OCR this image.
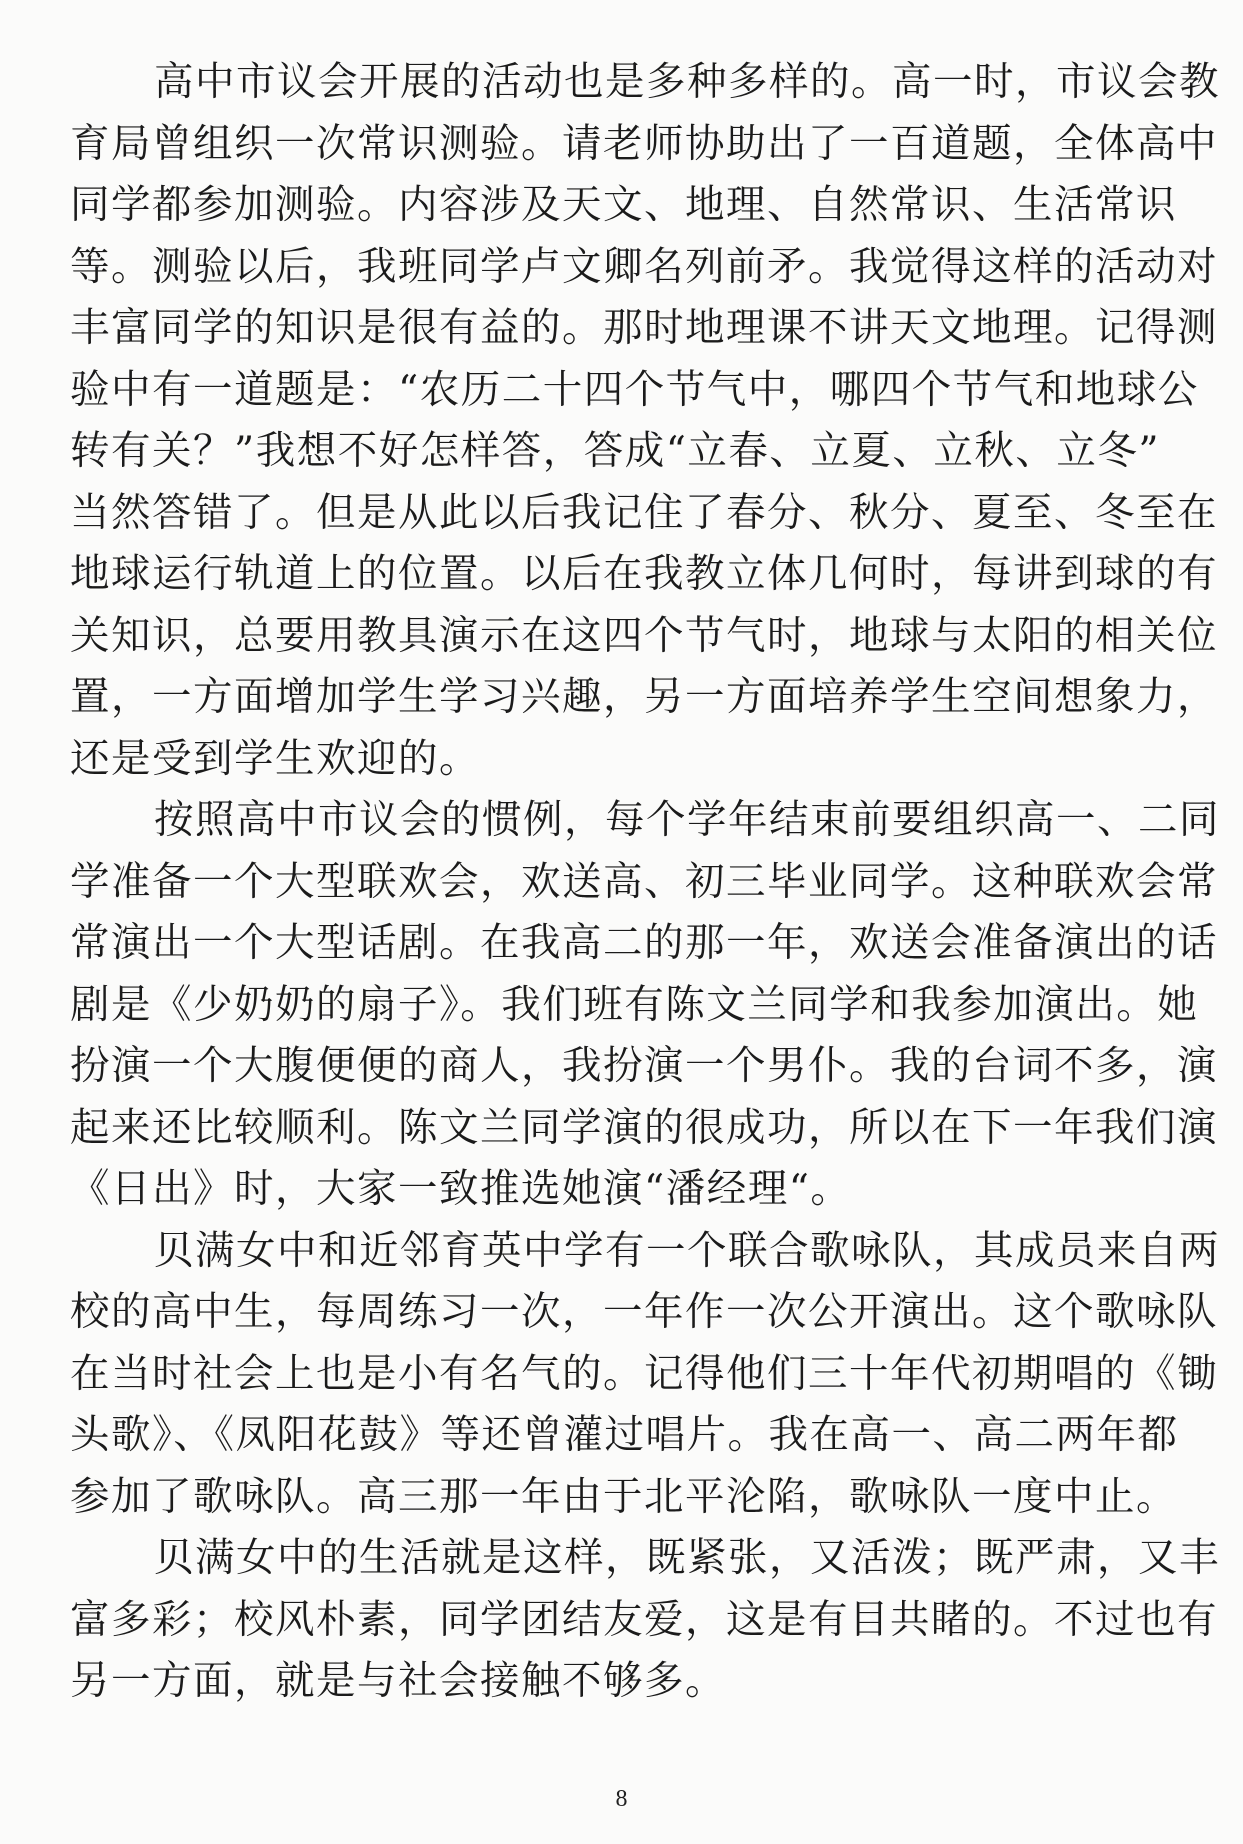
高中市议会开展的活动也是多种多样的。高一时，市议会教
育局曾组织一次常识测验。请老师协助出了一百道题，全体高中
同学都参加测验。内容涉及天文、地理、自然常识、生活常识
等。测验以后，我班同学卢文卿名列前矛。我觉得这样的活动对
丰富同学的知识是很有益的。那时地理课不讲天文地理。记得测
验中有一道题是：“农历二十四个节气中，哪四个节气和地球公
转有关？”我想不好怎样答，答成“立春、立夏、立秋、立冬”
当然答错了。但是从此以后我记住了春分、秋分、夏至、冬至在
地球运行轨道上的位置。以后在我教立体几何时，每讲到球的有
关知识，总要用教具演示在这四个节气时，地球与太阳的相关位
置，一方面增加学生学习兴趣，另一方面培养学生空间想象力，
还是受到学生欢迎的。
按照高中市议会的惯例，每个学年结束前要组织高一、二同
学准备一个大型联欢会，欢送高、初三毕业同学。这种联欢会常
常演出一个大型话剧。在我高二的那一年，欢送会准备演出的话
剧是《少奶奶的扇子》。我们班有陈文兰同学和我参加演出。她
扮演一个大腹便便的商人，我扮演一个男仆。我的台词不多，演
起来还比较顺利。陈文兰同学演的很成功，所以在下一年我们演
《日出》时，大家一致推选她演“潘经理“。
贝满女中和近邻育英中学有一个联合歌咏队，其成员来自两
校的高中生，每周练习一次，一年作一次公开演出。这个歌咏队
在当时社会上也是小有名气的。记得他们三十年代初期唱的《锄
头歌》、《凤阳花鼓》等还曾灌过唱片。我在高一、高二两年都
参加了歌咏队。高三那一年由于北平沦陷，歌咏队一度中止。
贝满女中的生活就是这样，既紧张，又活泼；既严肃，又丰
富多彩；校风朴素，同学团结友爱，这是有目共睹的。不过也有
另一方面，就是与社会接触不够多。
8
